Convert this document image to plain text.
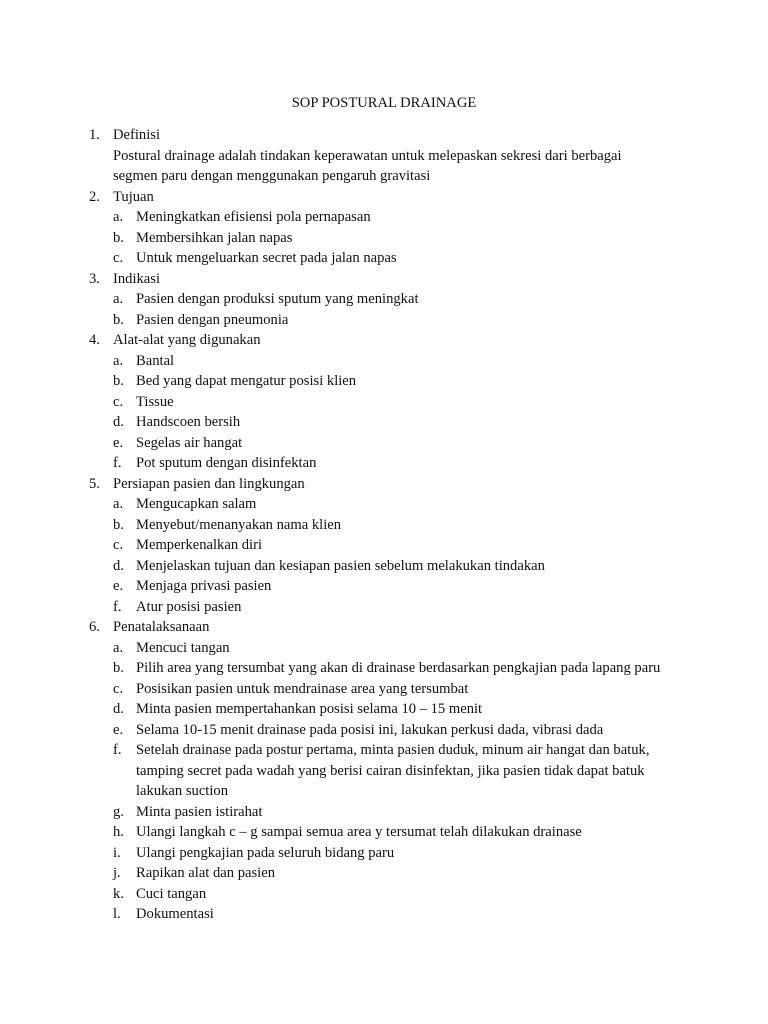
SOP POSTURAL DRAINAGE
1. Definisi
Postural drainage adalah tindakan keperawatan untuk melepaskan sekresi dari berbagai
segmen paru dengan menggunakan pengaruh gravitasi
2. Tujuan
a. Meningkatkan efisiensi pola pernapasan
b. Membersihkan jalan napas
c. Untuk mengeluarkan secret pada jalan napas
3. Indikasi
a. Pasien dengan produksi sputum yang meningkat
b. Pasien dengan pneumonia
4. Alat-alat yang digunakan
a. Bantal
b. Bed yang dapat mengatur posisi klien
c. Tissue
d. Handscoen bersih
e. Segelas air hangat
f. Pot sputum dengan disinfektan
5. Persiapan pasien dan lingkungan
a. Mengucapkan salam
b. Menyebut/menanyakan nama klien
c. Memperkenalkan diri
d. Menjelaskan tujuan dan kesiapan pasien sebelum melakukan tindakan
e. Menjaga privasi pasien
f. Atur posisi pasien
6. Penatalaksanaan
a. Mencuci tangan
b. Pilih area yang tersumbat yang akan di drainase berdasarkan pengkajian pada lapang paru
c. Posisikan pasien untuk mendrainase area yang tersumbat
d. Minta pasien mempertahankan posisi selama 10 – 15 menit
e. Selama 10-15 menit drainase pada posisi ini, lakukan perkusi dada, vibrasi dada
f. Setelah drainase pada postur pertama, minta pasien duduk, minum air hangat dan batuk,
tamping secret pada wadah yang berisi cairan disinfektan, jika pasien tidak dapat batuk
lakukan suction
g. Minta pasien istirahat
h. Ulangi langkah c – g sampai semua area y tersumat telah dilakukan drainase
i. Ulangi pengkajian pada seluruh bidang paru
j. Rapikan alat dan pasien
k. Cuci tangan
l. Dokumentasi
